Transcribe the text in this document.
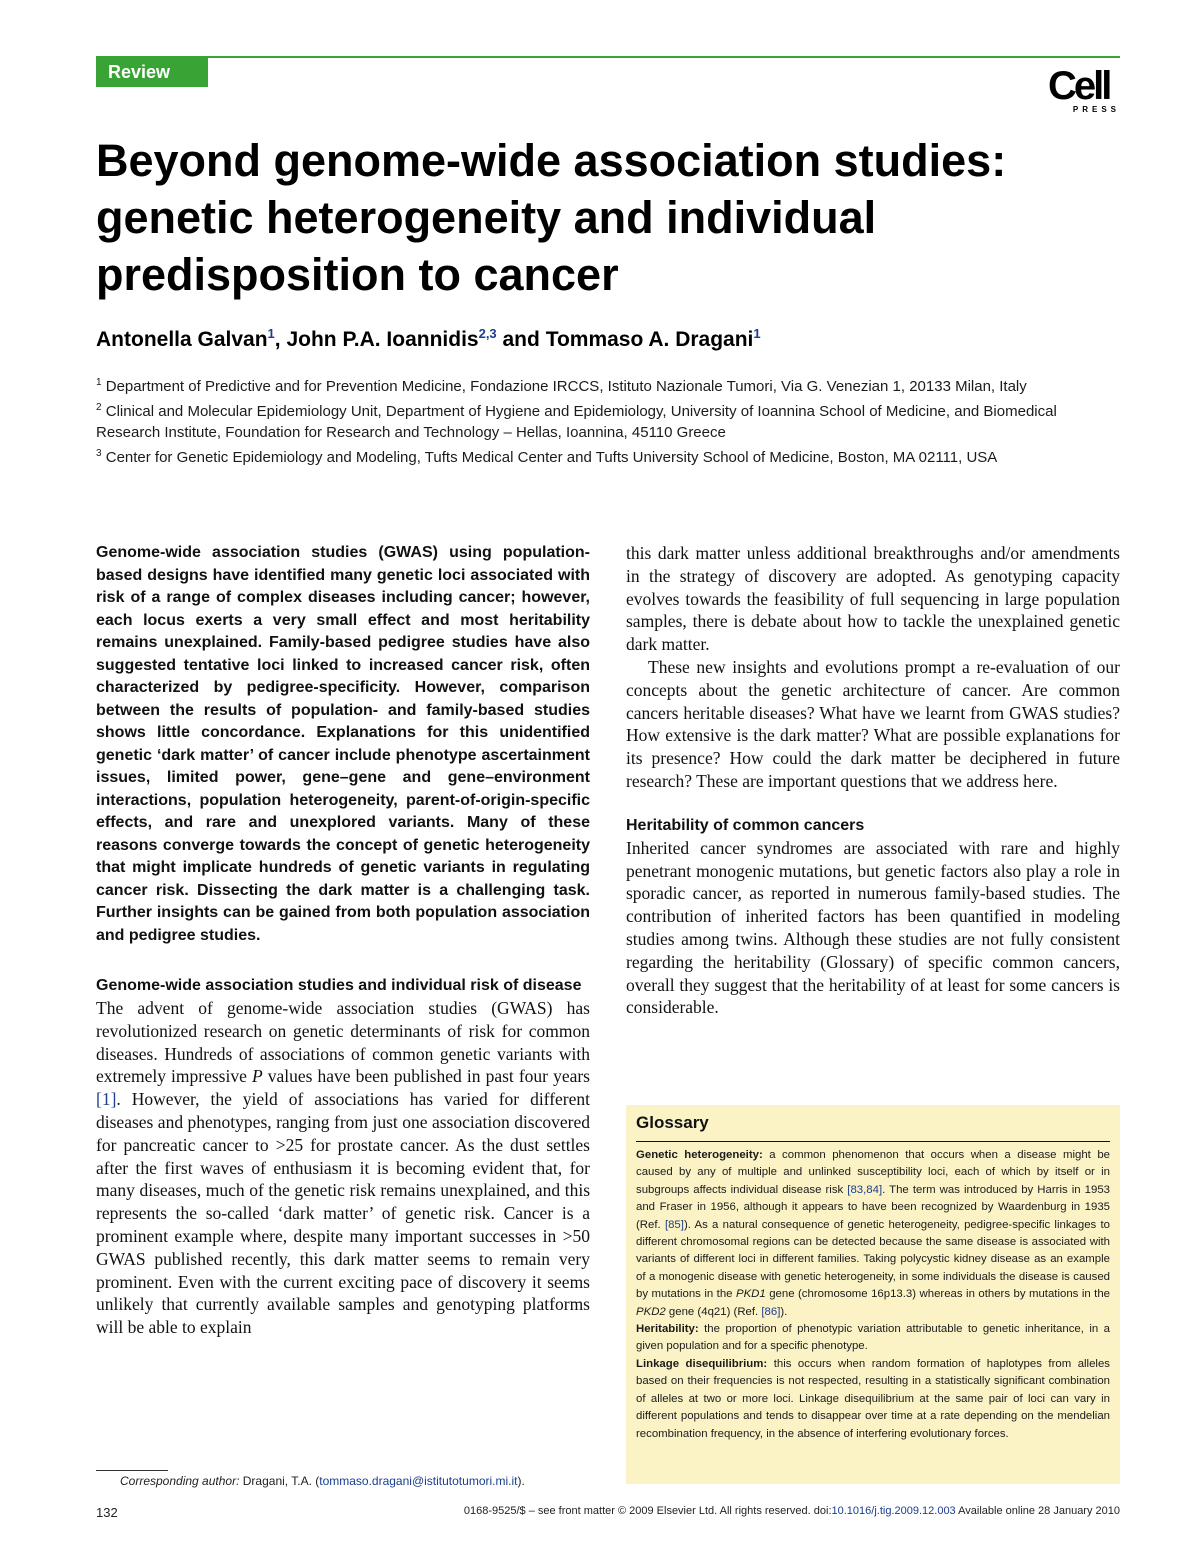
Review	Cell
PRESS
Beyond genome-wide association studies: genetic heterogeneity and individual predisposition to cancer
Antonella Galvan$^1$, John P.A. Ioannidis$^{2,3}$ and Tommaso A. Dragani$^1$

$^1$ Department of Predictive and for Prevention Medicine, Fondazione IRCCS, Istituto Nazionale Tumori, Via G. Venezian 1, 20133 Milan, Italy

$^2$ Clinical and Molecular Epidemiology Unit, Department of Hygiene and Epidemiology, University of Ioannina School of Medicine, and Biomedical Research Institute, Foundation for Research and Technology – Hellas, Ioannina, 45110 Greece

$^3$ Center for Genetic Epidemiology and Modeling, Tufts Medical Center and Tufts University School of Medicine, Boston, MA 02111, USA

Genome-wide association studies (GWAS) using population-based designs have identified many genetic loci associated with risk of a range of complex diseases including cancer; however, each locus exerts a very small effect and most heritability remains unexplained. Family-based pedigree studies have also suggested tentative loci linked to increased cancer risk, often characterized by pedigree-specificity. However, comparison between the results of population- and family-based studies shows little concordance. Explanations for this unidentified genetic ‘dark matter’ of cancer include phenotype ascertainment issues, limited power, gene–gene and gene–environment interactions, population heterogeneity, parent-of-origin-specific effects, and rare and unexplored variants. Many of these reasons converge towards the concept of genetic heterogeneity that might implicate hundreds of genetic variants in regulating cancer risk. Dissecting the dark matter is a challenging task. Further insights can be gained from both population association and pedigree studies.

Genome-wide association studies and individual risk of disease

The advent of genome-wide association studies (GWAS) has revolutionized research on genetic determinants of risk for common diseases. Hundreds of associations of common genetic variants with extremely impressive P values have been published in past four years [1]. However, the yield of associations has varied for different diseases and phenotypes, ranging from just one association discovered for pancreatic cancer to >25 for prostate cancer. As the dust settles after the first waves of enthusiasm it is becoming evident that, for many diseases, much of the genetic risk remains unexplained, and this represents the so-called ‘dark matter’ of genetic risk. Cancer is a prominent example where, despite many important successes in >50 GWAS published recently, this dark matter seems to remain very prominent. Even with the current exciting pace of discovery it seems unlikely that currently available samples and genotyping platforms will be able to explain

this dark matter unless additional breakthroughs and/or amendments in the strategy of discovery are adopted. As genotyping capacity evolves towards the feasibility of full sequencing in large population samples, there is debate about how to tackle the unexplained genetic dark matter.

These new insights and evolutions prompt a re-evaluation of our concepts about the genetic architecture of cancer. Are common cancers heritable diseases? What have we learnt from GWAS studies? How extensive is the dark matter? What are possible explanations for its presence? How could the dark matter be deciphered in future research? These are important questions that we address here.

Heritability of common cancers

Inherited cancer syndromes are associated with rare and highly penetrant monogenic mutations, but genetic factors also play a role in sporadic cancer, as reported in numerous family-based studies. The contribution of inherited factors has been quantified in modeling studies among twins. Although these studies are not fully consistent regarding the heritability (Glossary) of specific common cancers, overall they suggest that the heritability of at least for some cancers is considerable.

Glossary

Genetic heterogeneity: a common phenomenon that occurs when a disease might be caused by any of multiple and unlinked susceptibility loci, each of which by itself or in subgroups affects individual disease risk [83,84]. The term was introduced by Harris in 1953 and Fraser in 1956, although it appears to have been recognized by Waardenburg in 1935 (Ref. [85]). As a natural consequence of genetic heterogeneity, pedigree-specific linkages to different chromosomal regions can be detected because the same disease is associated with variants of different loci in different families. Taking polycystic kidney disease as an example of a monogenic disease with genetic heterogeneity, in some individuals the disease is caused by mutations in the PKD1 gene (chromosome 16p13.3) whereas in others by mutations in the PKD2 gene (4q21) (Ref. [86]).

Heritability: the proportion of phenotypic variation attributable to genetic inheritance, in a given population and for a specific phenotype.

Linkage disequilibrium: this occurs when random formation of haplotypes from alleles based on their frequencies is not respected, resulting in a statistically significant combination of alleles at two or more loci. Linkage disequilibrium at the same pair of loci can vary in different populations and tends to disappear over time at a rate depending on the mendelian recombination frequency, in the absence of interfering evolutionary forces.

Corresponding author: Dragani, T.A. (tommaso.dragani@istitutotumori.mi.it).
132	0168-9525/$ – see front matter © 2009 Elsevier Ltd. All rights reserved. doi:10.1016/j.tig.2009.12.003 Available online 28 January 2010
